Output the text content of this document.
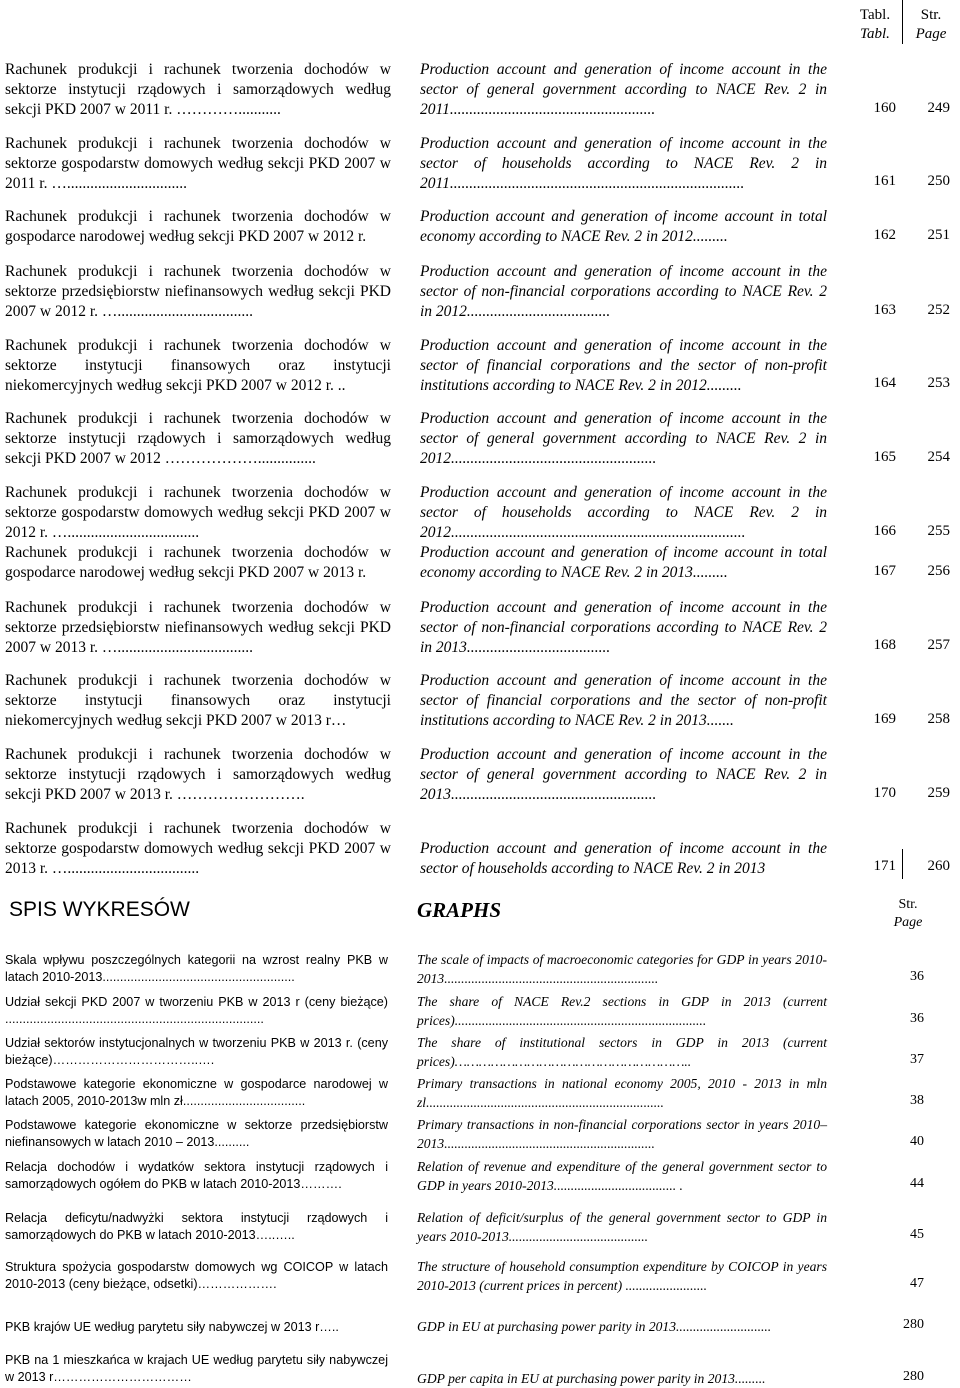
Tabl.
Tabl.
Str.
Page
Rachunek produkcji i rachunek tworzenia dochodów w sektorze instytucji rządowych i samorządowych według sekcji PKD 2007 w 2011 r. …………...........
Production account and generation of income account in the sector of general government according to NACE Rev. 2 in 2011.....................................................	160	249
Rachunek produkcji i rachunek tworzenia dochodów w sektorze gospodarstw domowych według sekcji PKD 2007 w 2011 r. …...............................
Production account and generation of income account in the sector of households according to NACE Rev. 2 in 2011............................................................................	161	250
Rachunek produkcji i rachunek tworzenia dochodów w gospodarce narodowej według sekcji PKD 2007 w 2012 r.
Production account and generation of income account in total economy according to NACE Rev. 2 in 2012.........	162	251
Rachunek produkcji i rachunek tworzenia dochodów w sektorze przedsiębiorstw niefinansowych według sekcji PKD 2007 w 2012 r. …...................................
Production account and generation of income account in the sector of non-financial corporations according to NACE Rev. 2 in 2012.....................................	163	252
Rachunek produkcji i rachunek tworzenia dochodów w sektorze instytucji finansowych oraz instytucji niekomercyjnych według sekcji PKD 2007 w 2012 r. ..
Production account and generation of income account in the sector of financial corporations and the sector of non-profit institutions according to NACE Rev. 2 in 2012.........	164	253
Rachunek produkcji i rachunek tworzenia dochodów w sektorze instytucji rządowych i samorządowych według sekcji PKD 2007 w 2012 ………………...............
Production account and generation of income account in the sector of general government according to NACE Rev. 2 in 2012.....................................................	165	254
Rachunek produkcji i rachunek tworzenia dochodów w sektorze gospodarstw domowych według sekcji PKD 2007 w 2012 r. …..................................
Production account and generation of income account in the sector of households according to NACE Rev. 2 in 2012............................................................................	166	255
Rachunek produkcji i rachunek tworzenia dochodów w gospodarce narodowej według sekcji PKD 2007 w 2013 r.
Production account and generation of income account in total economy according to NACE Rev. 2 in 2013.........	167	256
Rachunek produkcji i rachunek tworzenia dochodów w sektorze przedsiębiorstw niefinansowych według sekcji PKD 2007 w 2013 r. …...................................
Production account and generation of income account in the sector of non-financial corporations according to NACE Rev. 2 in 2013.....................................	168	257
Rachunek produkcji i rachunek tworzenia dochodów w sektorze instytucji finansowych oraz instytucji niekomercyjnych według sekcji PKD 2007 w 2013 r…
Production account and generation of income account in the sector of financial corporations and the sector of non-profit institutions according to NACE Rev. 2 in 2013.......	169	258
Rachunek produkcji i rachunek tworzenia dochodów w sektorze instytucji rządowych i samorządowych według sekcji PKD 2007 w 2013 r. …………………….
Production account and generation of income account in the sector of general government according to NACE Rev. 2 in 2013.....................................................	170	259
Rachunek produkcji i rachunek tworzenia dochodów w sektorze gospodarstw domowych według sekcji PKD 2007 w 2013 r. …..................................
Production account and generation of income account in the sector of households according to NACE Rev. 2 in 2013	171	260
SPIS WYKRESÓW	GRAPHS	Str.
Page
Skala wpływu poszczególnych kategorii na wzrost realny PKB w latach 2010-2013.......................................................
The scale of impacts of macroeconomic categories for GDP in years 2010-2013...............................................................	36
Udział sekcji PKD 2007 w tworzeniu PKB w 2013 r (ceny bieżące) ..........................................................................
The share of NACE Rev.2 sections in GDP in 2013 (current prices)..........................................................................	36
Udział sektorów instytucjonalnych w tworzeniu PKB w 2013 r. (ceny bieżące)……………………………..….
The share of institutional sectors in GDP in 2013 (current prices)…………………………………………………..	37
Podstawowe kategorie ekonomiczne w gospodarce narodowej w latach 2005, 2010-2013w mln zł...................................
Primary transactions in national economy 2005, 2010 - 2013 in mln zl......................................................................	38
Podstawowe kategorie ekonomiczne w sektorze przedsiębiorstw niefinansowych w latach 2010 – 2013..........
Primary transactions in non-financial corporations sector in years 2010–2013..............................................................	40
Relacja dochodów i wydatków sektora instytucji rządowych i samorządowych ogółem do PKB w latach 2010-2013……….
Relation of revenue and expenditure of the general government sector to GDP in years 2010-2013.................................... .	44
Relacja deficytu/nadwyżki sektora instytucji rządowych i samorządowych do PKB w latach 2010-2013…..…..
Relation of deficit/surplus of the general government sector to GDP in years 2010-2013.........................................	45
Struktura spożycia gospodarstw domowych wg COICOP w latach 2010-2013 (ceny bieżące, odsetki)……………….
The structure of household consumption expenditure by COICOP in years 2010-2013 (current prices in percent) ........................	47
PKB krajów UE według parytetu siły nabywczej w 2013 r…..	GDP in EU at purchasing power parity in 2013............................	280
PKB na 1 mieszkańca w krajach UE według parytetu siły nabywczej w 2013 r……………………………	GDP per capita in EU at purchasing power parity in 2013.........	280
